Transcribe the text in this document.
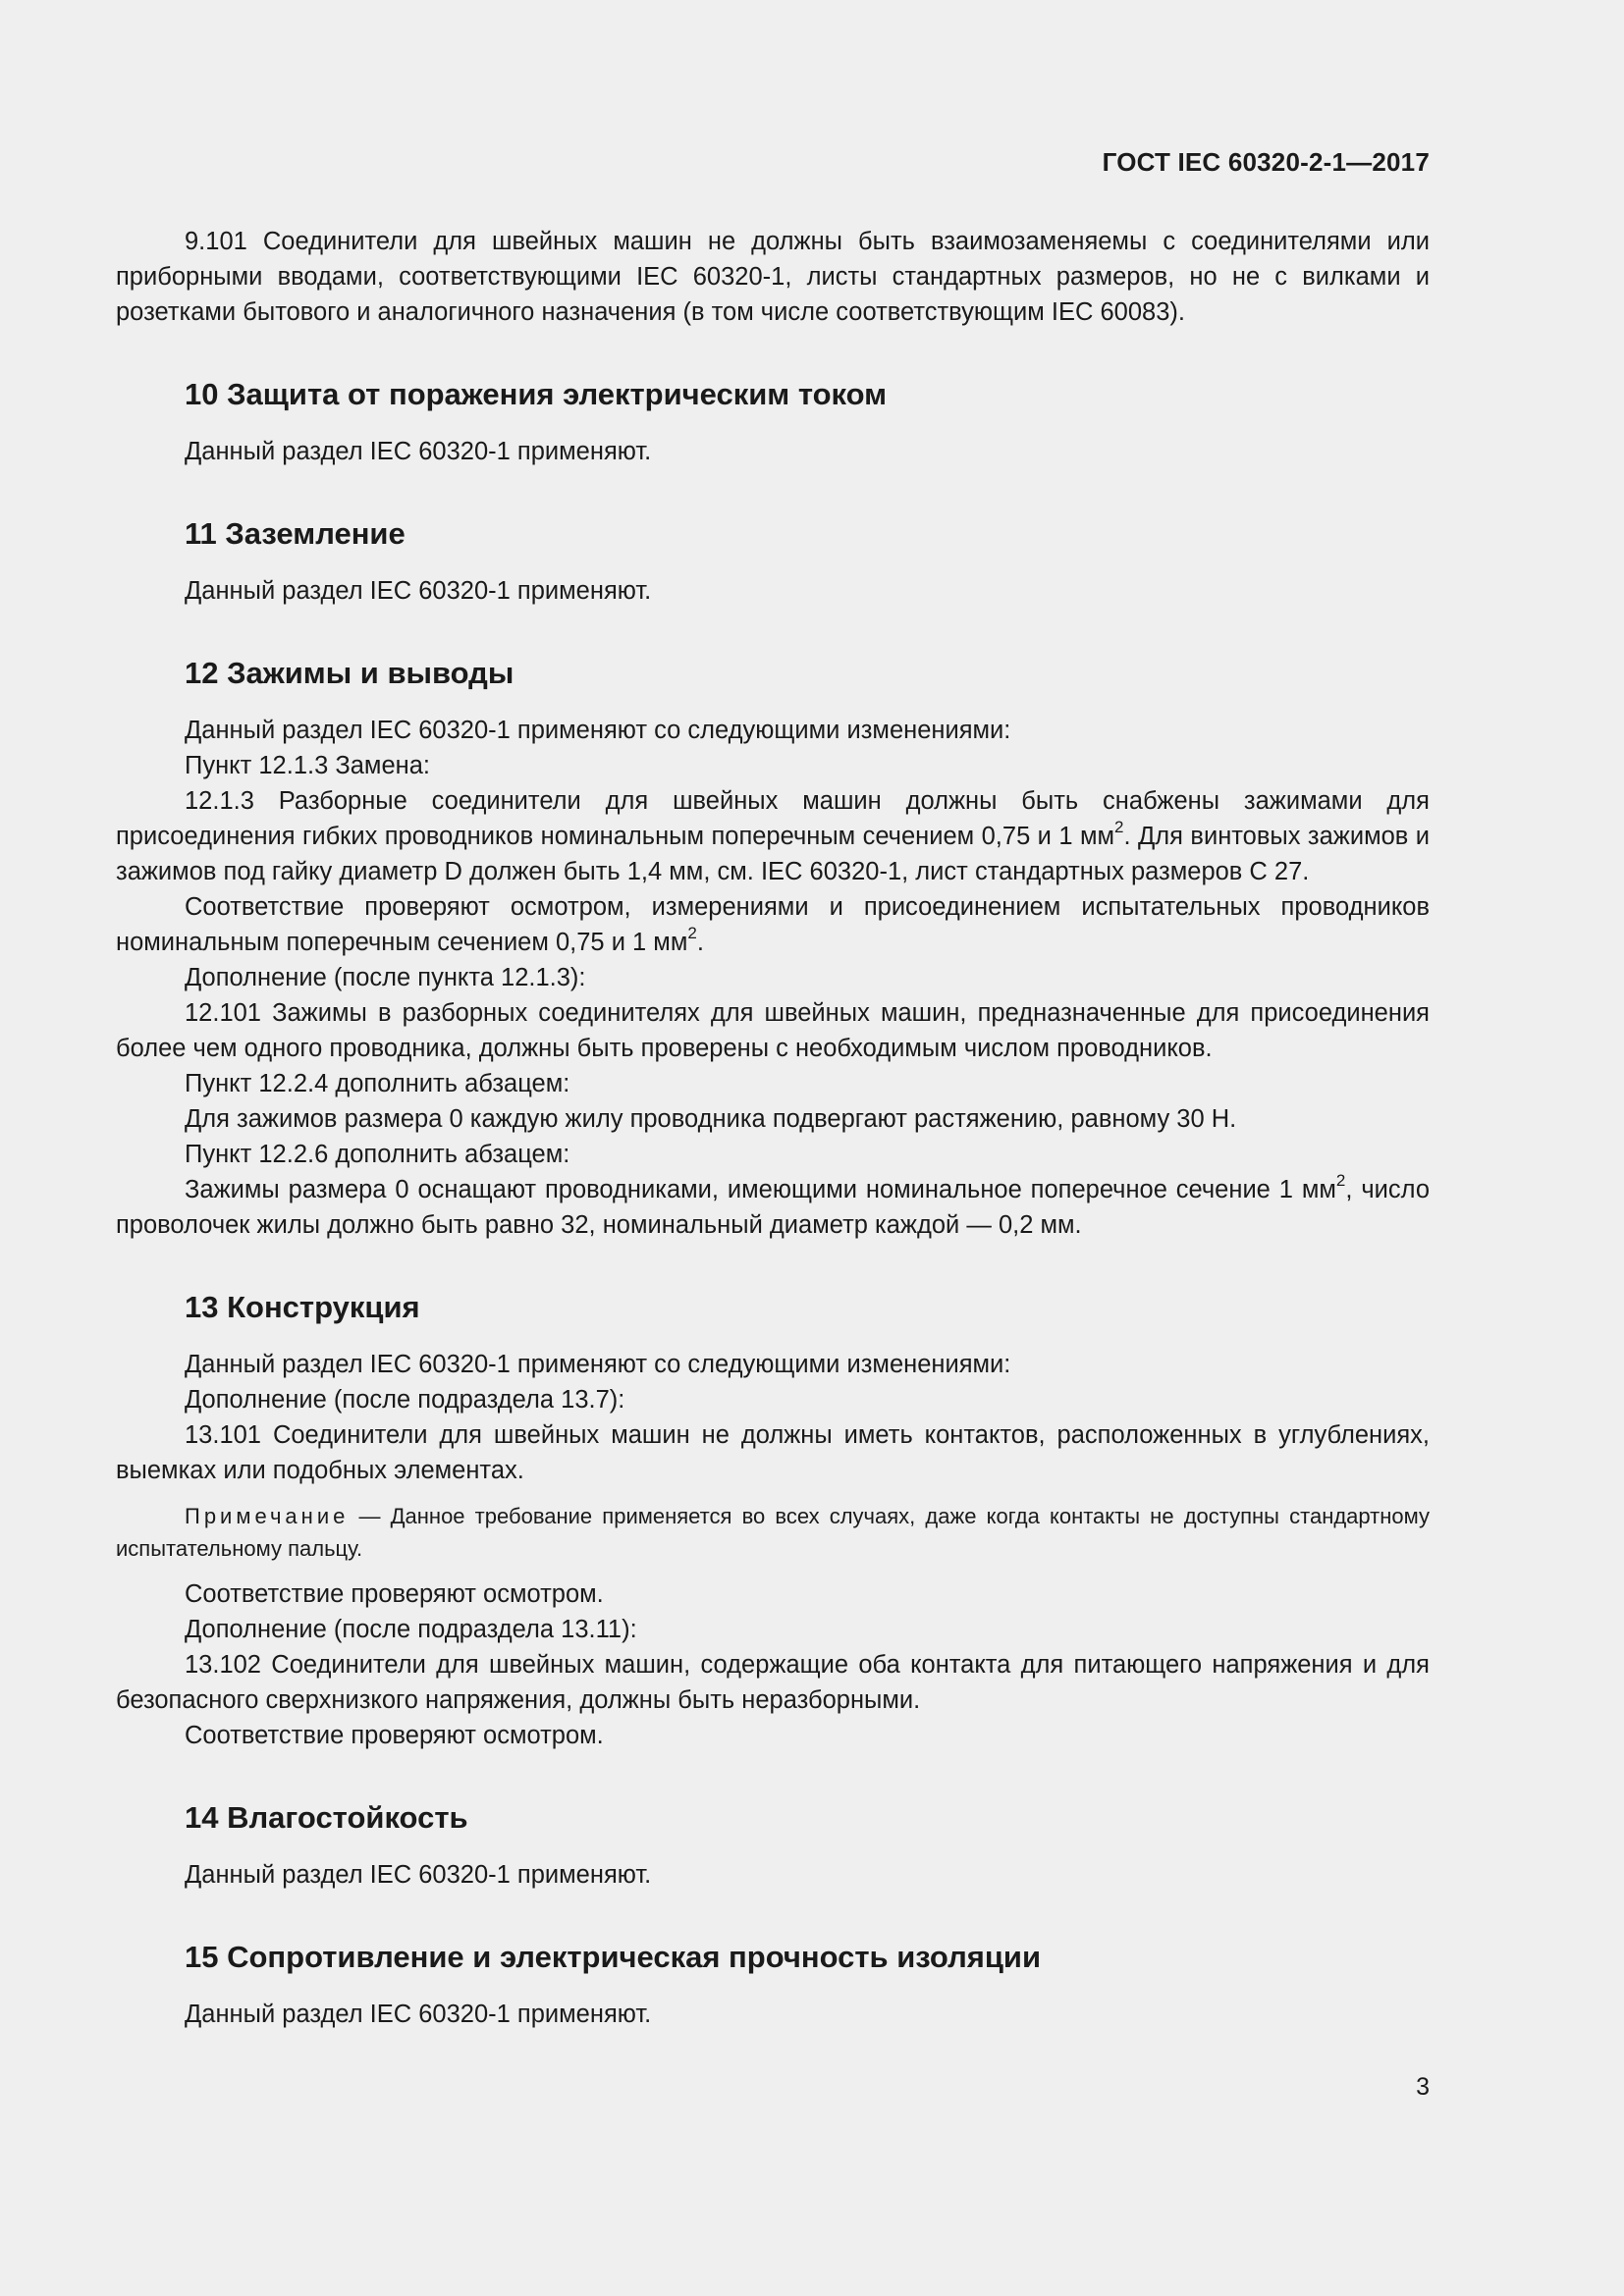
ГОСТ IEC 60320-2-1—2017

9.101 Соединители для швейных машин не должны быть взаимозаменяемы с соединителями или приборными вводами, соответствующими IEC 60320-1, листы стандартных размеров, но не с вилками и розетками бытового и аналогичного назначения (в том числе соответствующим IEC 60083).

10 Защита от поражения электрическим током

Данный раздел IEC 60320-1 применяют.

11 Заземление

Данный раздел IEC 60320-1 применяют.

12 Зажимы и выводы

Данный раздел IEC 60320-1 применяют со следующими изменениями:

Пункт 12.1.3 Замена:

12.1.3 Разборные соединители для швейных машин должны быть снабжены зажимами для присоединения гибких проводников номинальным поперечным сечением 0,75 и 1 $мм^2$. Для винтовых зажимов и зажимов под гайку диаметр D должен быть 1,4 мм, см. IEC 60320-1, лист стандартных размеров С 27.

Соответствие проверяют осмотром, измерениями и присоединением испытательных проводников номинальным поперечным сечением 0,75 и 1 $мм^2$.

Дополнение (после пункта 12.1.3):

12.101 Зажимы в разборных соединителях для швейных машин, предназначенные для присоединения более чем одного проводника, должны быть проверены с необходимым числом проводников.

Пункт 12.2.4 дополнить абзацем:

Для зажимов размера 0 каждую жилу проводника подвергают растяжению, равному 30 Н.

Пункт 12.2.6 дополнить абзацем:

Зажимы размера 0 оснащают проводниками, имеющими номинальное поперечное сечение 1 $мм^2$, число проволочек жилы должно быть равно 32, номинальный диаметр каждой — 0,2 мм.

13 Конструкция

Данный раздел IEC 60320-1 применяют со следующими изменениями:

Дополнение (после подраздела 13.7):

13.101 Соединители для швейных машин не должны иметь контактов, расположенных в углублениях, выемках или подобных элементах.

Примечание — Данное требование применяется во всех случаях, даже когда контакты не доступны стандартному испытательному пальцу.

Соответствие проверяют осмотром.

Дополнение (после подраздела 13.11):

13.102 Соединители для швейных машин, содержащие оба контакта для питающего напряжения и для безопасного сверхнизкого напряжения, должны быть неразборными.

Соответствие проверяют осмотром.

14 Влагостойкость

Данный раздел IEC 60320-1 применяют.

15 Сопротивление и электрическая прочность изоляции

Данный раздел IEC 60320-1 применяют.

3
